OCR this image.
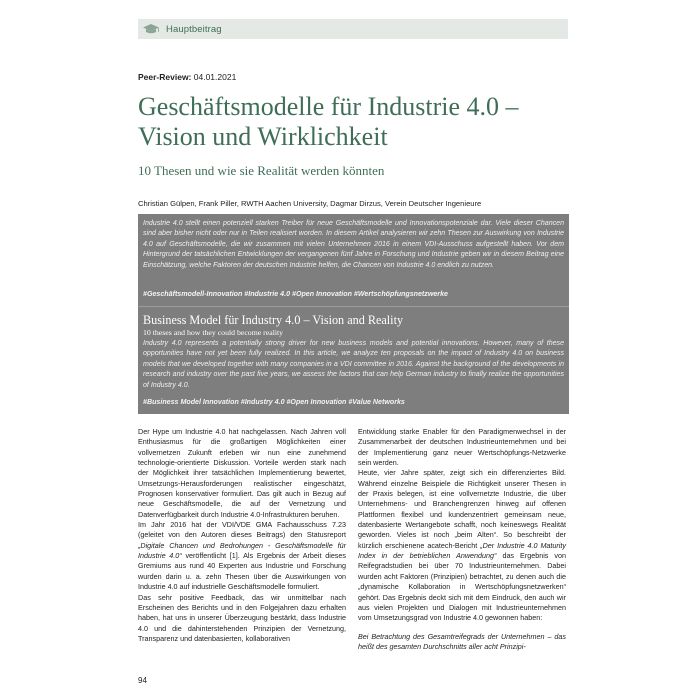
Hauptbeitrag
Peer-Review: 04.01.2021
Geschäftsmodelle für Industrie 4.0 –
Vision und Wirklichkeit
10 Thesen und wie sie Realität werden könnten
Christian Gülpen, Frank Piller, RWTH Aachen University, Dagmar Dirzus, Verein Deutscher Ingenieure
Industrie 4.0 stellt einen potenziell starken Treiber für neue Geschäftsmodelle und Innovationspotenziale dar. Viele dieser Chancen sind aber bisher nicht oder nur in Teilen realisiert worden. In diesem Artikel analysieren wir zehn Thesen zur Auswirkung von Industrie 4.0 auf Geschäftsmodelle, die wir zusammen mit vielen Unternehmen 2016 in einem VDI-Ausschuss aufgestellt haben. Vor dem Hintergrund der tatsächlichen Entwicklungen der vergangenen fünf Jahre in Forschung und Industrie geben wir in diesem Beitrag eine Einschätzung, welche Faktoren der deutschen Industrie helfen, die Chancen von Industrie 4.0 endlich zu nutzen.
#Geschäftsmodell-Innovation #Industrie 4.0 #Open Innovation #Wertschöpfungsnetzwerke
Business Model für Industry 4.0 – Vision and Reality
10 theses and how they could become reality
Industry 4.0 represents a potentially strong driver for new business models and potential innovations. However, many of these opportunities have not yet been fully realized. In this article, we analyze ten proposals on the impact of Industry 4.0 on business models that we developed together with many companies in a VDI committee in 2016. Against the background of the developments in research and industry over the past five years, we assess the factors that can help German industry to finally realize the opportunities of Industry 4.0.
#Business Model Innovation #Industry 4.0 #Open Innovation #Value Networks

Der Hype um Industrie 4.0 hat nachgelassen. Nach Jahren voll Enthusiasmus für die großartigen Möglichkeiten einer vollvernetzen Zukunft erleben wir nun eine zunehmend technologie-orientierte Diskussion. Vorteile werden stark nach der Möglichkeit ihrer tatsächlichen Implementierung bewertet, Umsetzungs-Herausforderungen realistischer eingeschätzt, Prognosen konservativer formuliert. Das gilt auch in Bezug auf neue Geschäftsmodelle, die auf der Vernetzung und Datenverfügbarkeit durch Industrie 4.0-Infrastrukturen beruhen.

Im Jahr 2016 hat der VDI/VDE GMA Fachausschuss 7.23 (geleitet von den Autoren dieses Beitrags) den Statusreport „Digitale Chancen und Bedrohungen - Geschäftsmodelle für Industrie 4.0“ veröffentlicht [1]. Als Ergebnis der Arbeit dieses Gremiums aus rund 40 Experten aus Industrie und Forschung wurden darin u. a. zehn Thesen über die Auswirkungen von Industrie 4.0 auf industrielle Geschäftsmodelle formuliert.

Das sehr positive Feedback, das wir unmittelbar nach Erscheinen des Berichts und in den Folgejahren dazu erhalten haben, hat uns in unserer Überzeugung bestärkt, dass Industrie 4.0 und die dahinterstehenden Prinzipien der Vernetzung, Transparenz und datenbasierten, kollaborativen

Entwicklung starke Enabler für den Paradigmenwechsel in der Zusammenarbeit der deutschen Industrieunternehmen und bei der Implementierung ganz neuer Wertschöpfungs-Netzwerke sein werden.

Heute, vier Jahre später, zeigt sich ein differenziertes Bild. Während einzelne Beispiele die Richtigkeit unserer Thesen in der Praxis belegen, ist eine vollvernetzte Industrie, die über Unternehmens- und Branchengrenzen hinweg auf offenen Plattformen flexibel und kundenzentriert gemeinsam neue, datenbasierte Wertangebote schafft, noch keineswegs Realität geworden. Vieles ist noch „beim Alten“. So beschreibt der kürzlich erschienene acatech-Bericht „Der Industrie 4.0 Maturity Index in der betrieblichen Anwendung“ das Ergebnis von Reifegradstudien bei über 70 Industrieunternehmen. Dabei wurden acht Faktoren (Prinzipien) betrachtet, zu denen auch die „dynamische Kollaboration in Wertschöpfungsnetzwerken“ gehört. Das Ergebnis deckt sich mit dem Eindruck, den auch wir aus vielen Projekten und Dialogen mit Industrieunternehmen vom Umsetzungsgrad von Industrie 4.0 gewonnen haben:

Bei Betrachtung des Gesamtreifegrads der Unternehmen – das heißt des gesamten Durchschnitts aller acht Prinzipi-

94
